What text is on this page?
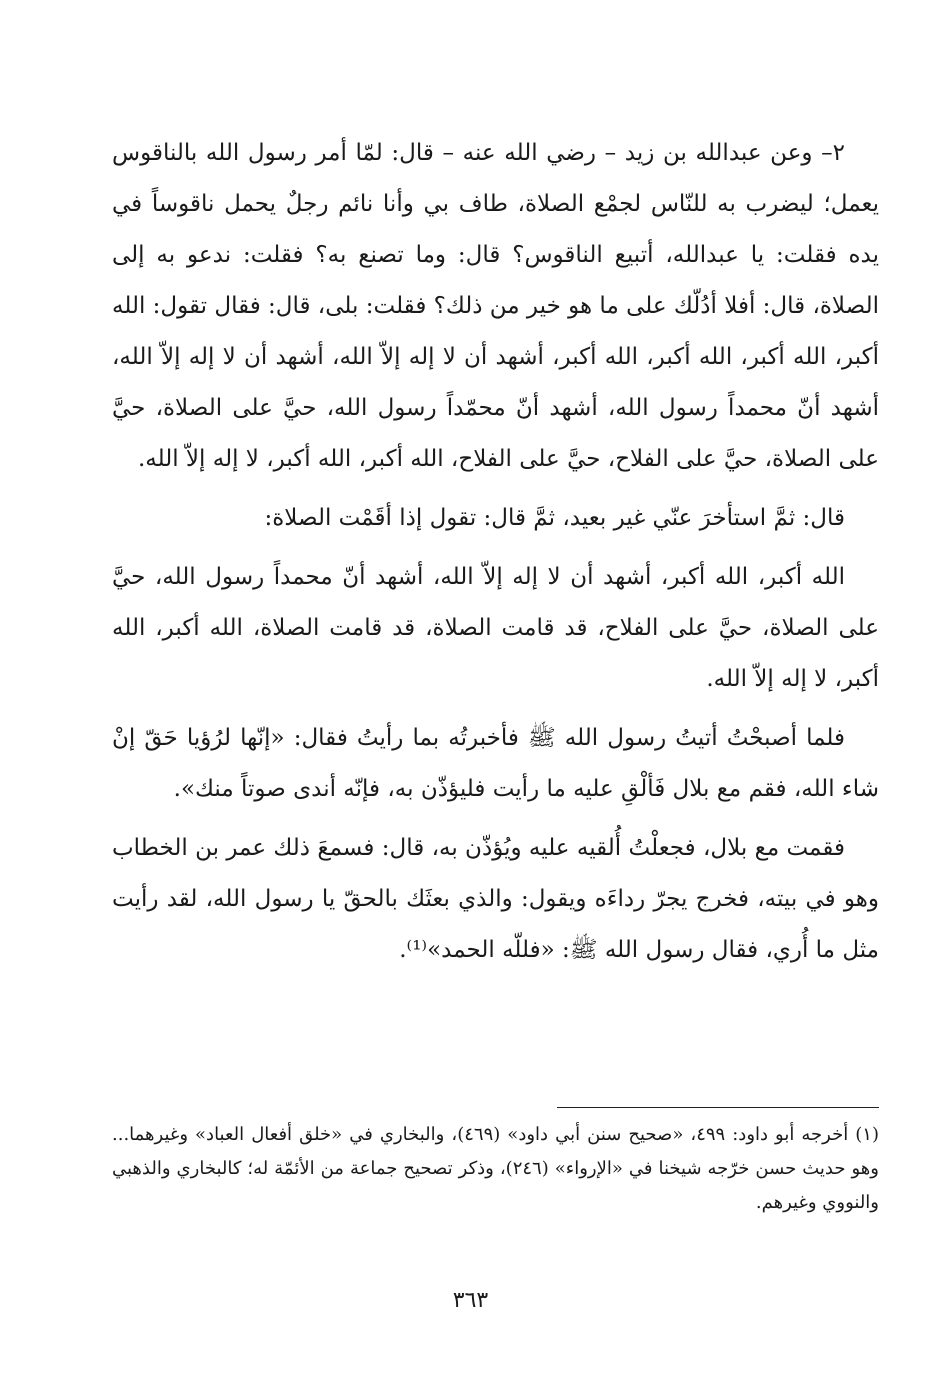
٢– وعن عبدالله بن زيد – رضي الله عنه – قال: لمّا أمر رسول الله بالناقوس يعمل؛ ليضرب به للنّاس لجمْع الصلاة، طاف بي وأنا نائم رجلٌ يحمل ناقوساً في يده فقلت: يا عبدالله، أتبيع الناقوس؟ قال: وما تصنع به؟ فقلت: ندعو به إلى الصلاة، قال: أفلا أدُلّك على ما هو خير من ذلك؟ فقلت: بلى، قال: فقال تقول: الله أكبر، الله أكبر، الله أكبر، الله أكبر، أشهد أن لا إله إلاّ الله، أشهد أن لا إله إلاّ الله، أشهد أنّ محمداً رسول الله، أشهد أنّ محمّداً رسول الله، حيَّ على الصلاة، حيَّ على الصلاة، حيَّ على الفلاح، حيَّ على الفلاح، الله أكبر، الله أكبر، لا إله إلاّ الله.

قال: ثمَّ استأخرَ عنّي غير بعيد، ثمَّ قال: تقول إذا أقَمْت الصلاة:

الله أكبر، الله أكبر، أشهد أن لا إله إلاّ الله، أشهد أنّ محمداً رسول الله، حيَّ على الصلاة، حيَّ على الفلاح، قد قامت الصلاة، قد قامت الصلاة، الله أكبر، الله أكبر، لا إله إلاّ الله.

فلما أصبحْتُ أتيتُ رسول الله ﷺ فأخبرتُه بما رأيتُ فقال: «إنّها لرُؤيا حَقّ إنْ شاء الله، فقم مع بلال فَألْقِ عليه ما رأيت فليؤذّن به، فإنّه أندى صوتاً منك».

فقمت مع بلال، فجعلْتُ أُلقيه عليه ويُؤذّن به، قال: فسمعَ ذلك عمر بن الخطاب وهو في بيته، فخرج يجرّ رداءَه ويقول: والذي بعثَك بالحقّ يا رسول الله، لقد رأيت مثل ما أُري، فقال رسول الله ﷺ: «فللّه الحمد»⁽¹⁾.

(١) أخرجه أبو داود: ٤٩٩، «صحيح سنن أبي داود» (٤٦٩)، والبخاري في «خلق أفعال العباد» وغيرهما... وهو حديث حسن خرّجه شيخنا في «الإرواء» (٢٤٦)، وذكر تصحيح جماعة من الأئمّة له؛ كالبخاري والذهبي والنووي وغيرهم.

٣٦٣
